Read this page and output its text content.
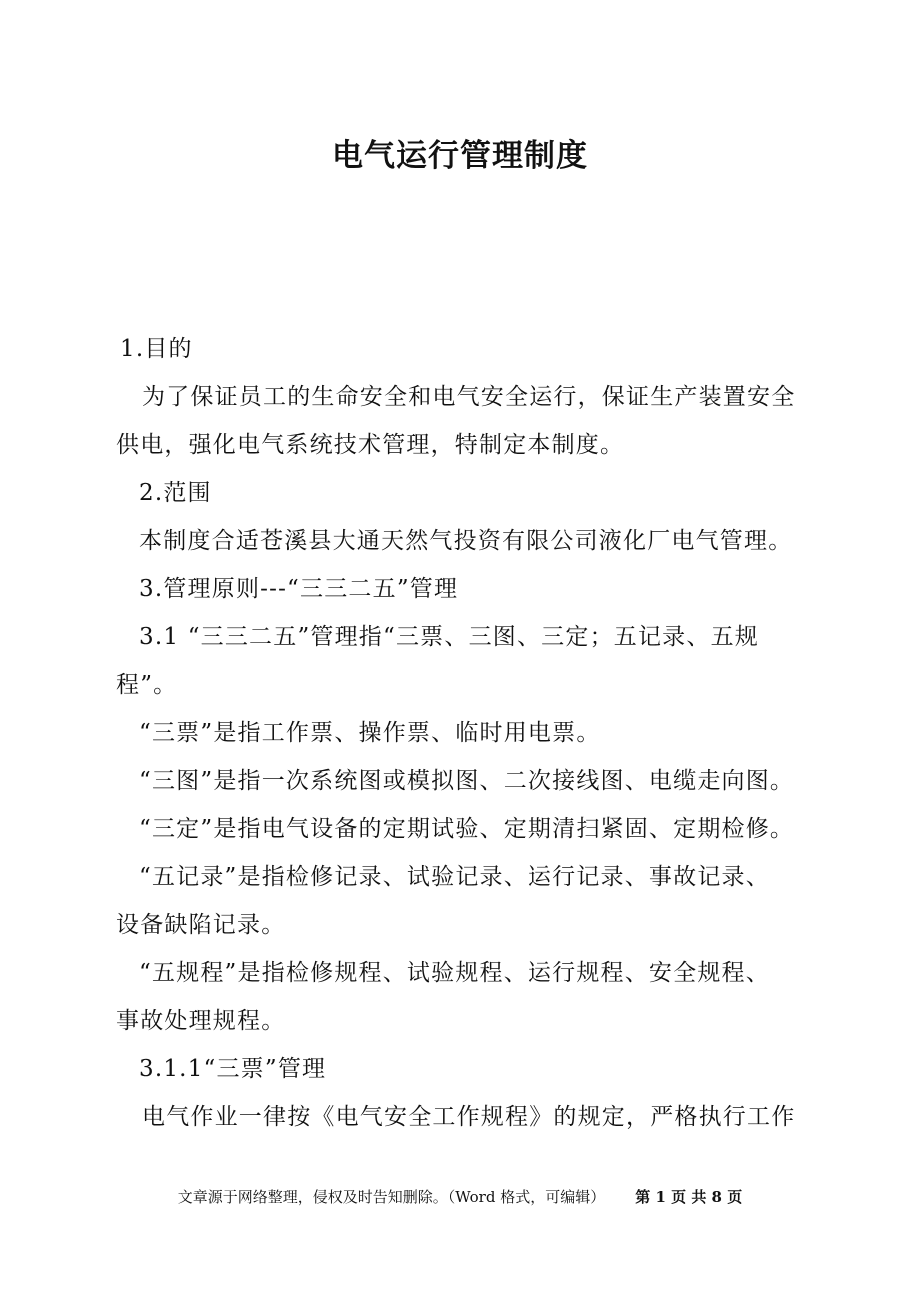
电气运行管理制度
1.目的
为了保证员工的生命安全和电气安全运行，保证生产装置安全
供电，强化电气系统技术管理，特制定本制度。
2.范围
本制度合适苍溪县大通天然气投资有限公司液化厂电气管理。
3.管理原则---“三三二五”管理
3.1 “三三二五”管理指“三票、三图、三定；五记录、五规
程”。
“三票”是指工作票、操作票、临时用电票。
“三图”是指一次系统图或模拟图、二次接线图、电缆走向图。
“三定”是指电气设备的定期试验、定期清扫紧固、定期检修。
“五记录”是指检修记录、试验记录、运行记录、事故记录、
设备缺陷记录。
“五规程”是指检修规程、试验规程、运行规程、安全规程、
事故处理规程。
3.1.1“三票”管理
电气作业一律按《电气安全工作规程》的规定，严格执行工作
文章源于网络整理，侵权及时告知删除。（Word 格式，可编辑） 第 1 页 共 8 页
